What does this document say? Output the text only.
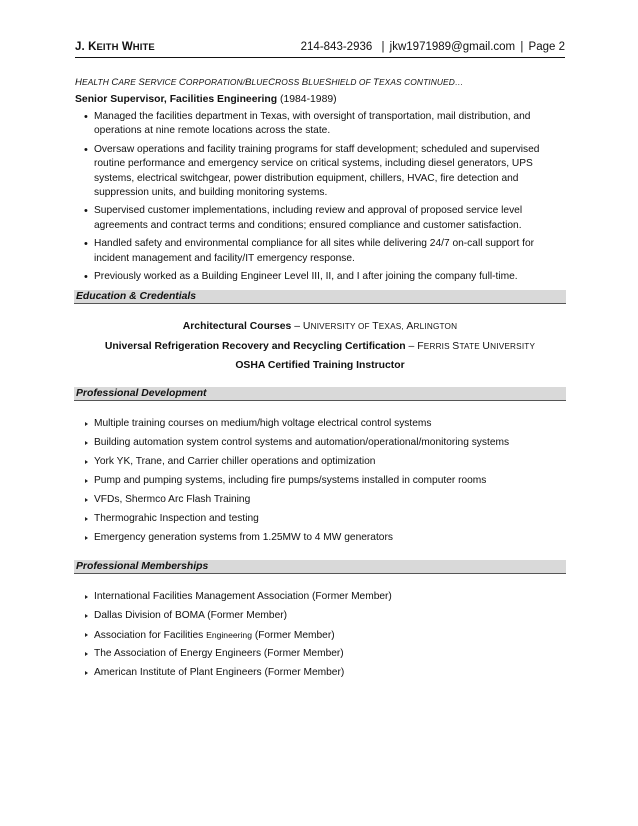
J. KEITH WHITE	214-843-2936 | jkw1971989@gmail.com | Page 2
HEALTH CARE SERVICE CORPORATION/BLUECROSS BLUESHIELD OF TEXAS CONTINUED…
Senior Supervisor, Facilities Engineering (1984-1989)
• Managed the facilities department in Texas, with oversight of transportation, mail distribution, and operations at nine remote locations across the state.
• Oversaw operations and facility training programs for staff development; scheduled and supervised routine performance and emergency service on critical systems, including diesel generators, UPS systems, electrical switchgear, power distribution equipment, chillers, HVAC, fire detection and suppression units, and building monitoring systems.
• Supervised customer implementations, including review and approval of proposed service level agreements and contract terms and conditions; ensured compliance and customer satisfaction.
• Handled safety and environmental compliance for all sites while delivering 24/7 on-call support for incident management and facility/IT emergency response.
• Previously worked as a Building Engineer Level III, II, and I after joining the company full-time.
Education & Credentials
Architectural Courses – UNIVERSITY OF TEXAS, ARLINGTON
Universal Refrigeration Recovery and Recycling Certification – FERRIS STATE UNIVERSITY
OSHA Certified Training Instructor
Professional Development
Multiple training courses on medium/high voltage electrical control systems
Building automation system control systems and automation/operational/monitoring systems
York YK, Trane, and Carrier chiller operations and optimization
Pump and pumping systems, including fire pumps/systems installed in computer rooms
VFDs, Shermco Arc Flash Training
Thermograhic Inspection and testing
Emergency generation systems from 1.25MW to 4 MW generators
Professional Memberships
International Facilities Management Association (Former Member)
Dallas Division of BOMA (Former Member)
Association for Facilities Engineering (Former Member)
The Association of Energy Engineers (Former Member)
American Institute of Plant Engineers (Former Member)
